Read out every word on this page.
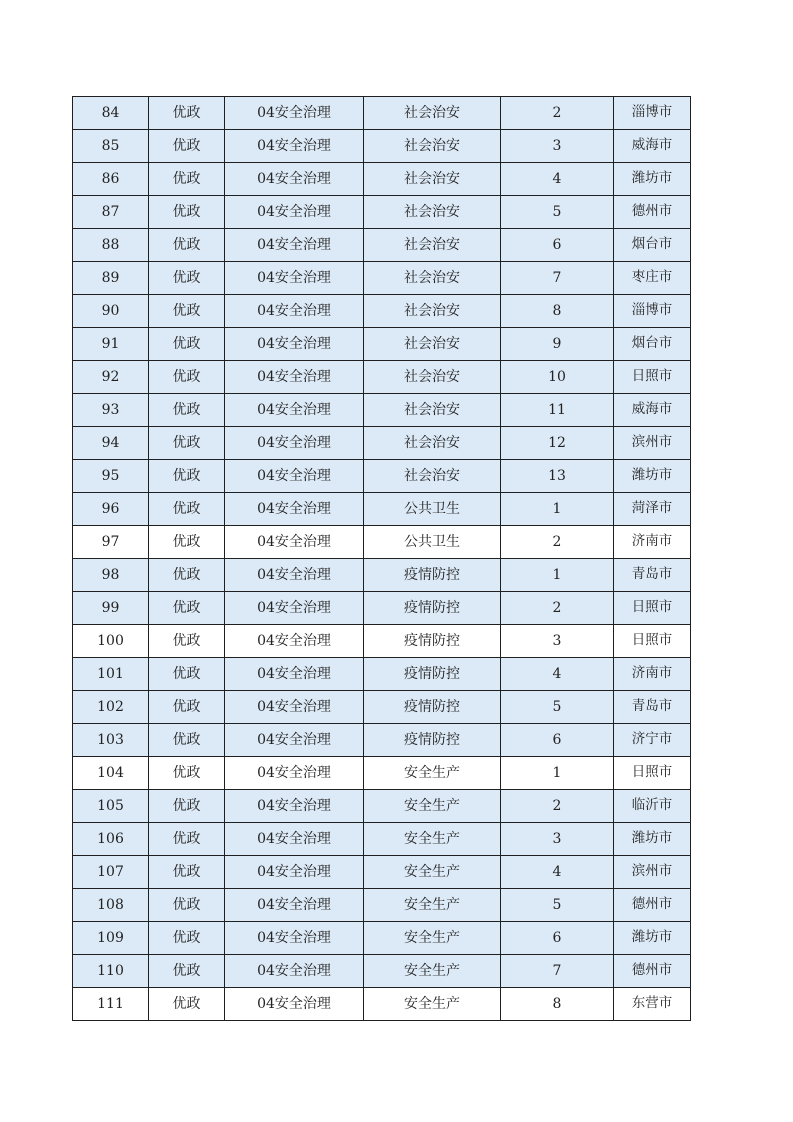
84	优政	04安全治理	社会治安	2	淄博市
85	优政	04安全治理	社会治安	3	威海市
86	优政	04安全治理	社会治安	4	潍坊市
87	优政	04安全治理	社会治安	5	德州市
88	优政	04安全治理	社会治安	6	烟台市
89	优政	04安全治理	社会治安	7	枣庄市
90	优政	04安全治理	社会治安	8	淄博市
91	优政	04安全治理	社会治安	9	烟台市
92	优政	04安全治理	社会治安	10	日照市
93	优政	04安全治理	社会治安	11	威海市
94	优政	04安全治理	社会治安	12	滨州市
95	优政	04安全治理	社会治安	13	潍坊市
96	优政	04安全治理	公共卫生	1	菏泽市
97	优政	04安全治理	公共卫生	2	济南市
98	优政	04安全治理	疫情防控	1	青岛市
99	优政	04安全治理	疫情防控	2	日照市
100	优政	04安全治理	疫情防控	3	日照市
101	优政	04安全治理	疫情防控	4	济南市
102	优政	04安全治理	疫情防控	5	青岛市
103	优政	04安全治理	疫情防控	6	济宁市
104	优政	04安全治理	安全生产	1	日照市
105	优政	04安全治理	安全生产	2	临沂市
106	优政	04安全治理	安全生产	3	潍坊市
107	优政	04安全治理	安全生产	4	滨州市
108	优政	04安全治理	安全生产	5	德州市
109	优政	04安全治理	安全生产	6	潍坊市
110	优政	04安全治理	安全生产	7	德州市
111	优政	04安全治理	安全生产	8	东营市
